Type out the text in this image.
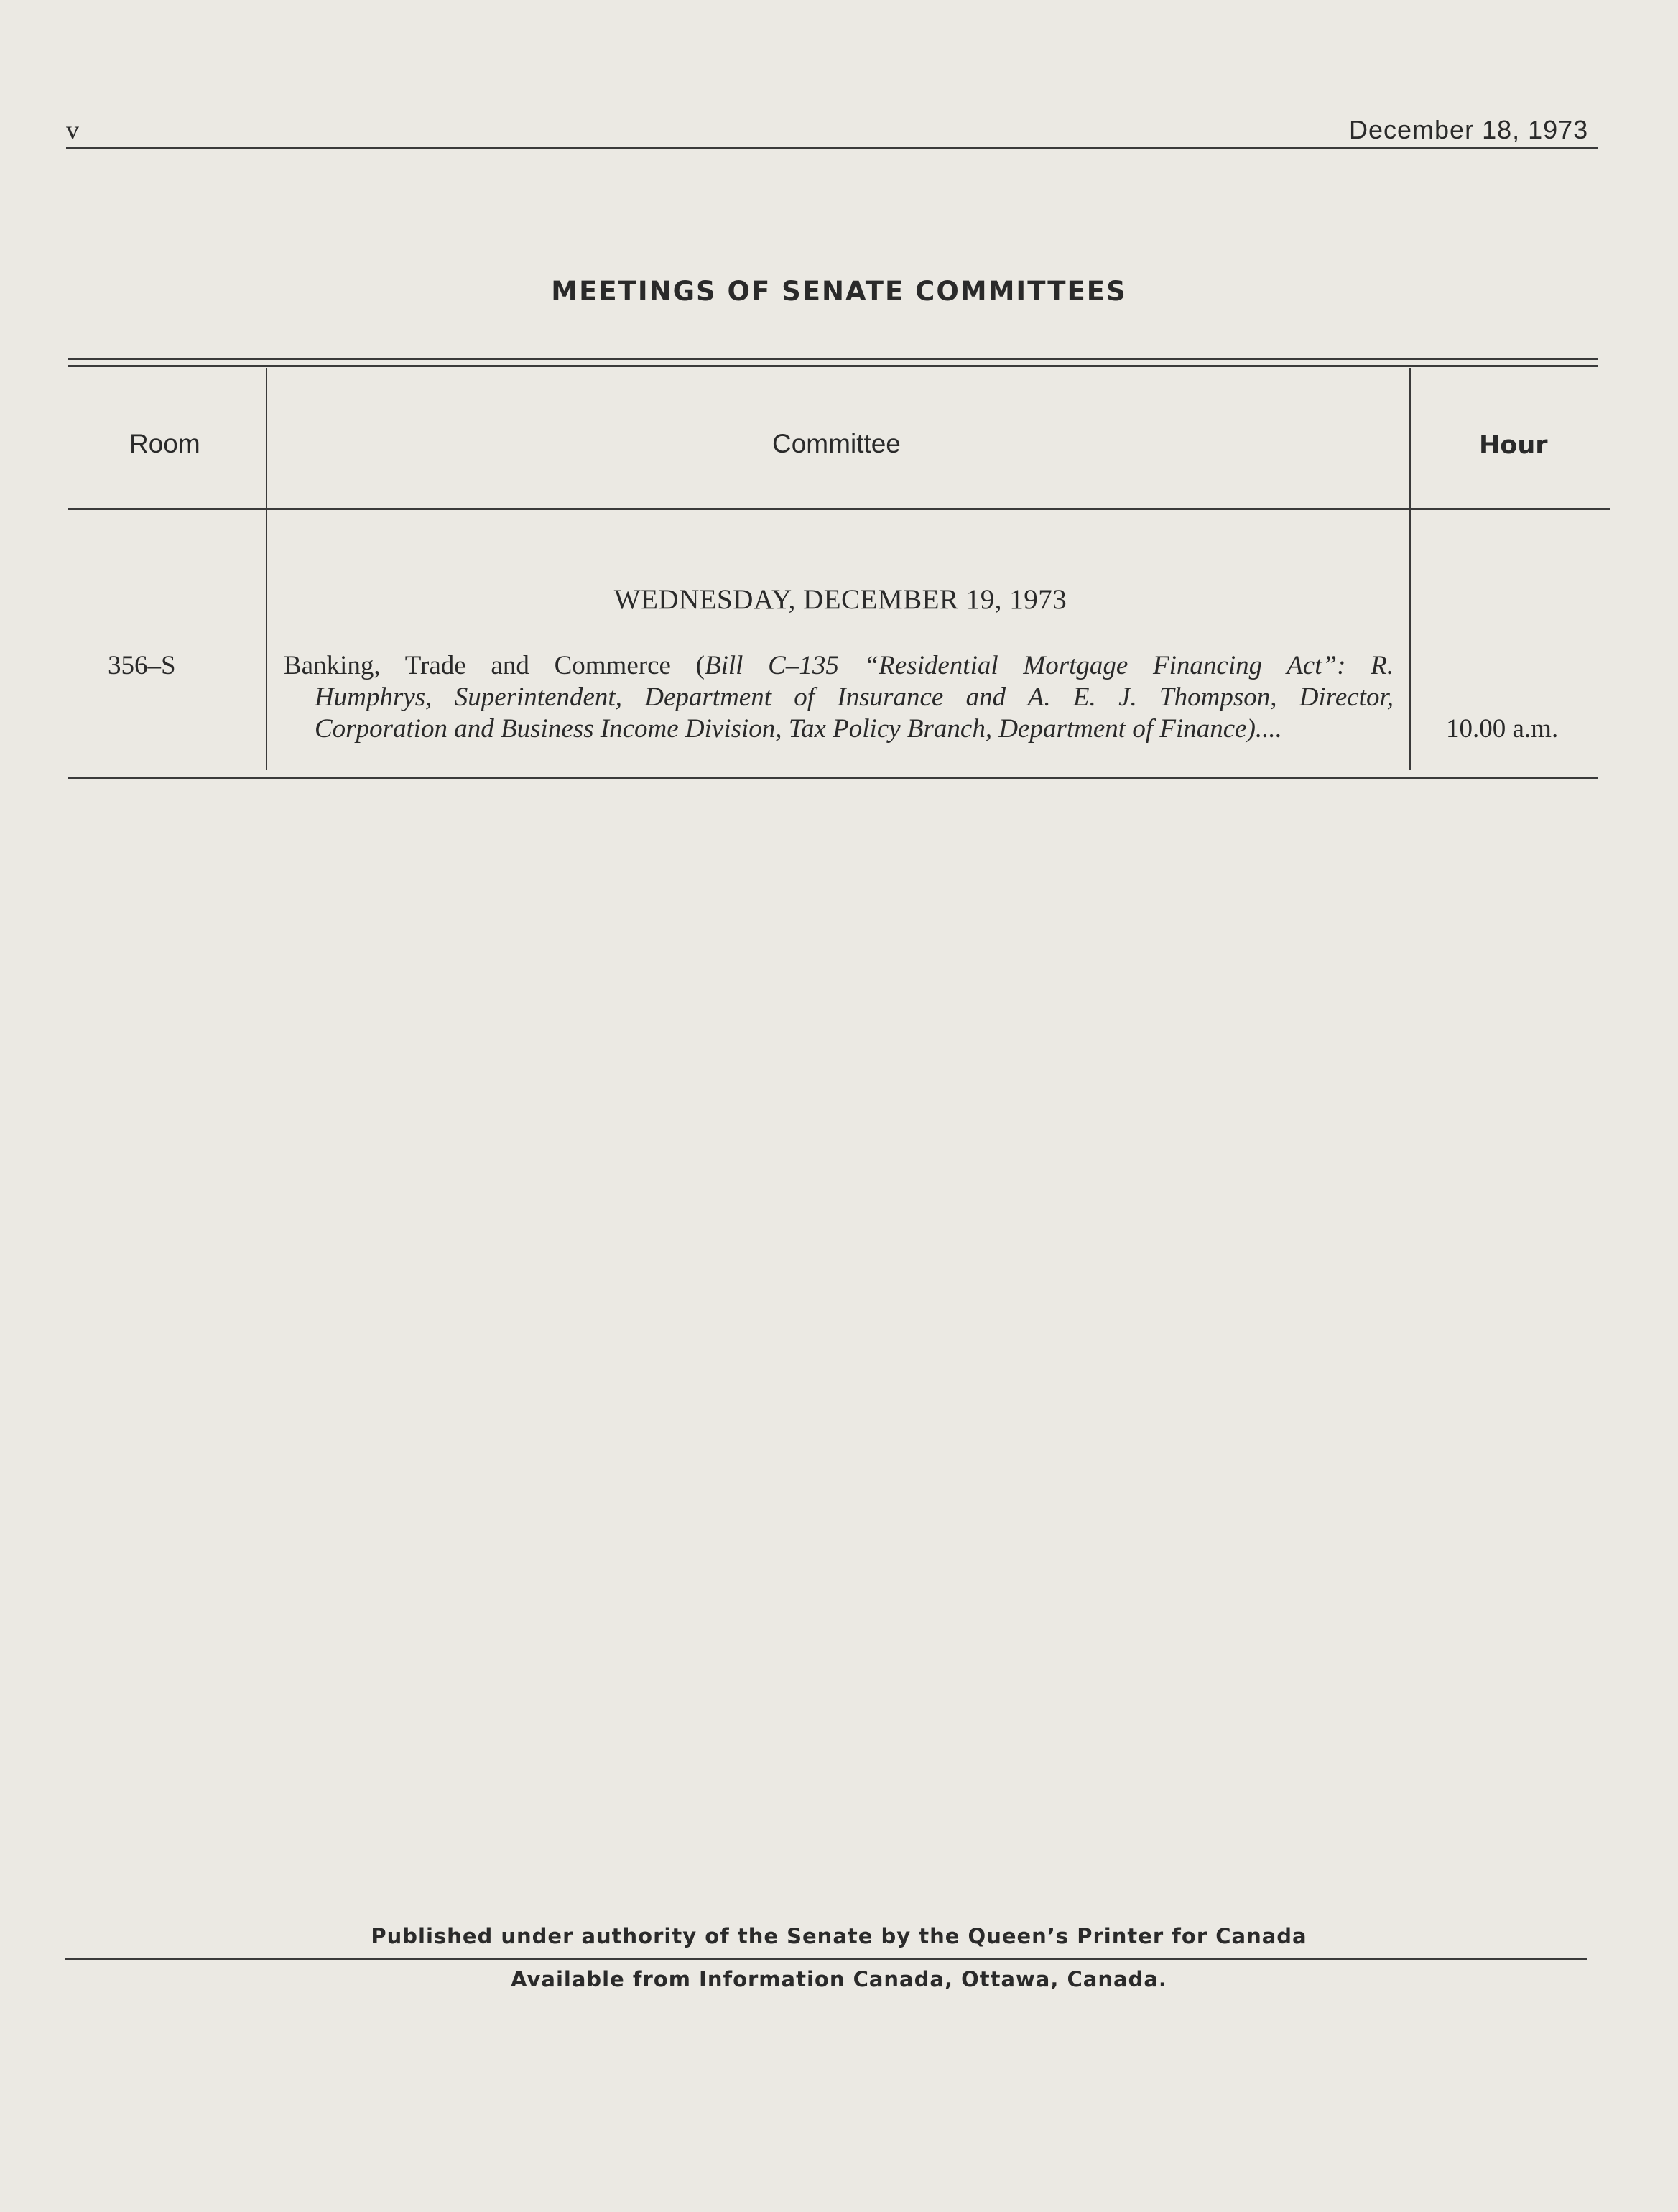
v	December 18, 1973
MEETINGS OF SENATE COMMITTEES
Room	Committee	Hour
WEDNESDAY, DECEMBER 19, 1973
356–S	Banking, Trade and Commerce (Bill C–135 “Residential Mortgage Financing Act”: R.
Humphrys, Superintendent, Department of Insurance and A. E. J. Thompson, Director,
Corporation and Business Income Division, Tax Policy Branch, Department of Finance)....	10.00 a.m.
Published under authority of the Senate by the Queen’s Printer for Canada
Available from Information Canada, Ottawa, Canada.
